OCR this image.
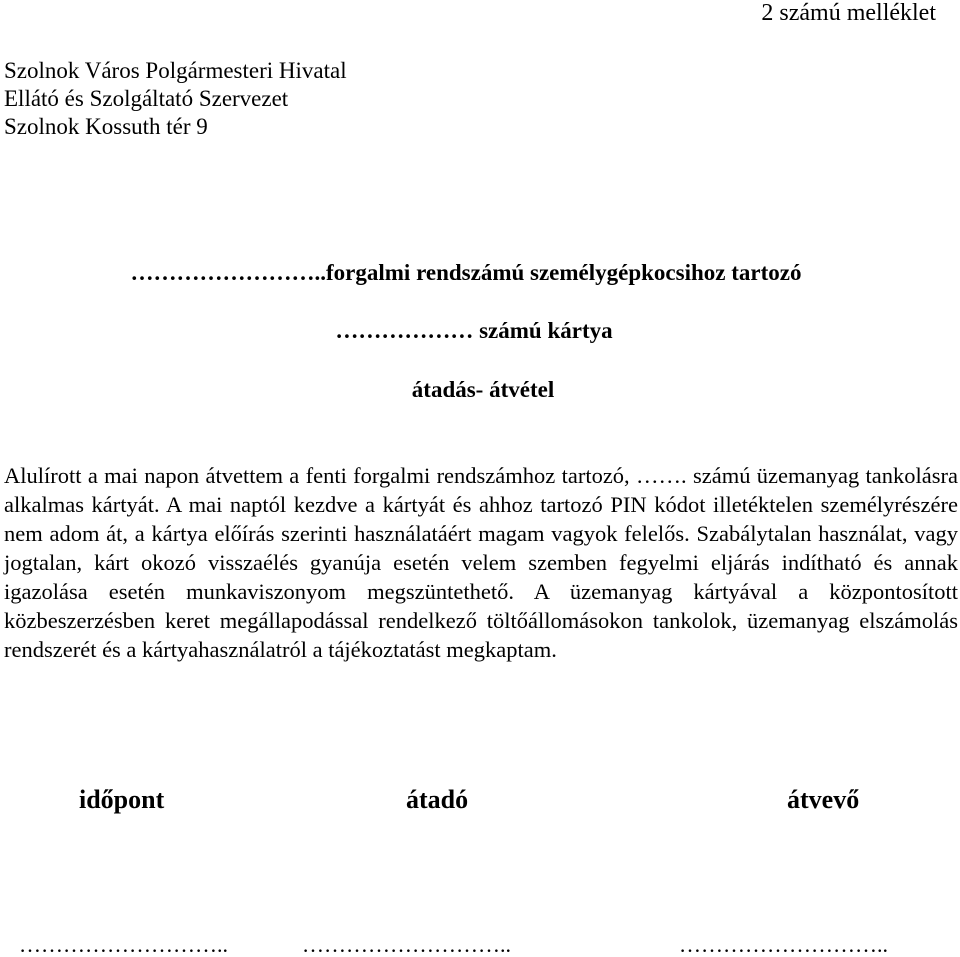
2 számú melléklet
Szolnok Város Polgármesteri Hivatal
Ellátó és Szolgáltató Szervezet
Szolnok Kossuth tér 9
……………………..forgalmi rendszámú személygépkocsihoz tartozó
……………… számú kártya
átadás- átvétel

Alulírott a mai napon átvettem a fenti forgalmi rendszámhoz tartozó, ……. számú üzemanyag tankolásra alkalmas kártyát. A mai naptól kezdve a kártyát és ahhoz tartozó PIN kódot illetéktelen személyrészére nem adom át, a kártya előírás szerinti használatáért magam vagyok felelős. Szabálytalan használat, vagy jogtalan, kárt okozó visszaélés gyanúja esetén velem szemben fegyelmi eljárás indítható és annak igazolása esetén munkaviszonyom megszüntethető. A üzemanyag kártyával a központosított közbeszerzésben keret megállapodással rendelkező töltőállomásokon tankolok, üzemanyag elszámolás rendszerét és a kártyahasználatról a tájékoztatást megkaptam.

időpont	átadó	átvevő
………………………..	………………………..	………………………..
